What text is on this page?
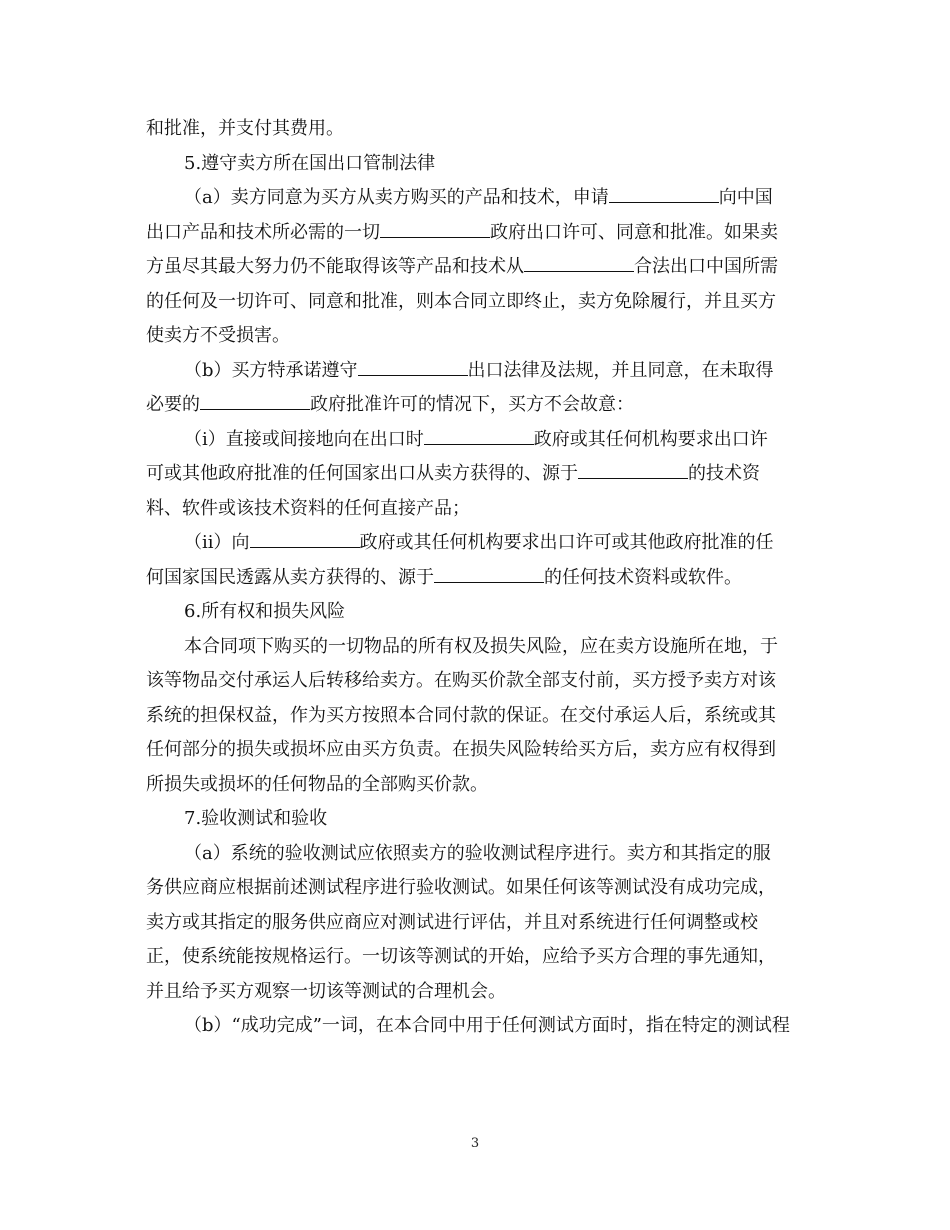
和批准，并支付其费用。
5.遵守卖方所在国出口管制法律
（a）卖方同意为买方从卖方购买的产品和技术，申请	向中国
出口产品和技术所必需的一切	政府出口许可、同意和批准。如果卖
方虽尽其最大努力仍不能取得该等产品和技术从	合法出口中国所需
的任何及一切许可、同意和批准，则本合同立即终止，卖方免除履行，并且买方
使卖方不受损害。
（b）买方特承诺遵守	出口法律及法规，并且同意，在未取得
必要的	政府批准许可的情况下，买方不会故意：
（i）直接或间接地向在出口时	政府或其任何机构要求出口许
可或其他政府批准的任何国家出口从卖方获得的、源于	的技术资
料、软件或该技术资料的任何直接产品；
（ii）向	政府或其任何机构要求出口许可或其他政府批准的任
何国家国民透露从卖方获得的、源于	的任何技术资料或软件。
6.所有权和损失风险
本合同项下购买的一切物品的所有权及损失风险，应在卖方设施所在地，于
该等物品交付承运人后转移给卖方。在购买价款全部支付前，买方授予卖方对该
系统的担保权益，作为买方按照本合同付款的保证。在交付承运人后，系统或其
任何部分的损失或损坏应由买方负责。在损失风险转给买方后，卖方应有权得到
所损失或损坏的任何物品的全部购买价款。
7.验收测试和验收
（a）系统的验收测试应依照卖方的验收测试程序进行。卖方和其指定的服
务供应商应根据前述测试程序进行验收测试。如果任何该等测试没有成功完成，
卖方或其指定的服务供应商应对测试进行评估，并且对系统进行任何调整或校
正，使系统能按规格运行。一切该等测试的开始，应给予买方合理的事先通知，
并且给予买方观察一切该等测试的合理机会。
（b）“成功完成”一词，在本合同中用于任何测试方面时，指在特定的测试程
3
